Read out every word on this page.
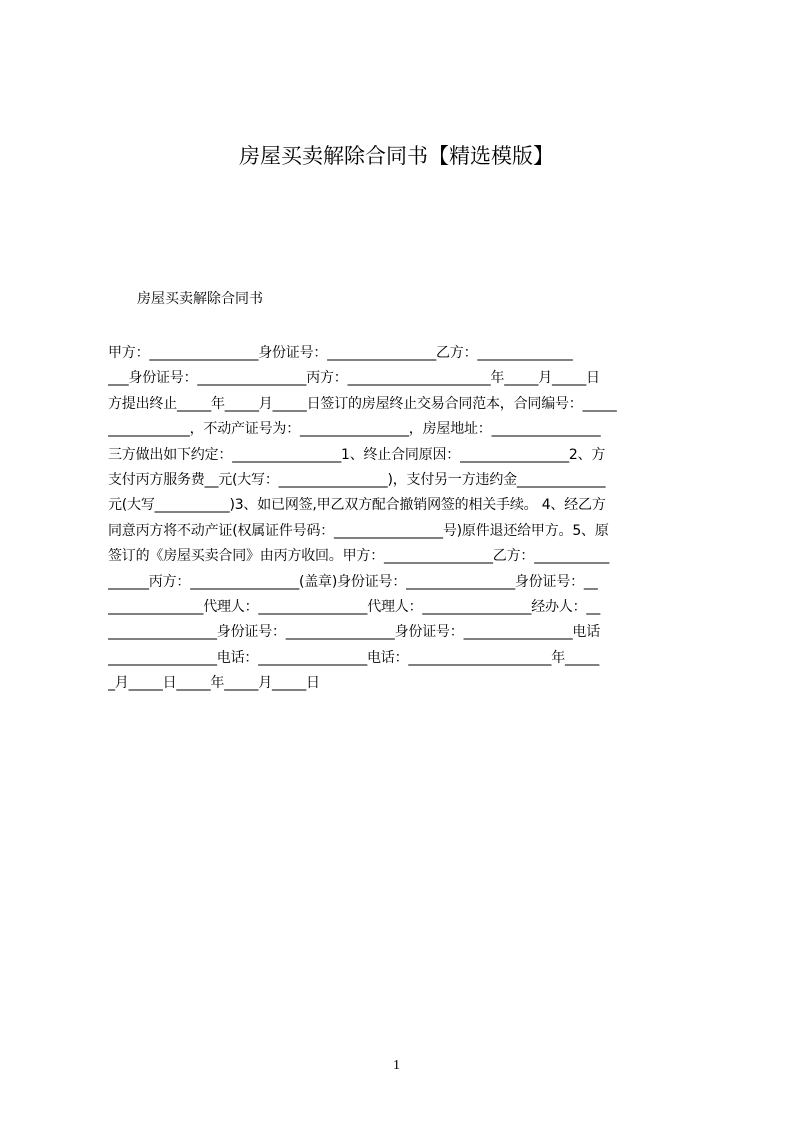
房屋买卖解除合同书【精选模版】
房屋买卖解除合同书
甲方：________________身份证号：________________乙方：______________
___身份证号：________________丙方：_____________________年_____月_____日
方提出终止_____年_____月_____日签订的房屋终止交易合同范本，合同编号：_____
____________，不动产证号为：________________，房屋地址：________________
三方做出如下约定：________________1、终止合同原因：________________2、方
支付丙方服务费__元(大写：________________)，支付另一方违约金_____________
元(大写___________)3、如已网签,甲乙双方配合撤销网签的相关手续。 4、经乙方
同意丙方将不动产证(权属证件号码：________________号)原件退还给甲方。5、原
签订的《房屋买卖合同》由丙方收回。甲方：________________乙方：___________
______丙方：________________(盖章)身份证号：________________身份证号：__
______________代理人：________________代理人：________________经办人：__
________________身份证号：________________身份证号：________________电话
________________电话：________________电话：_____________________年_____
_月_____日_____年_____月_____日
1
